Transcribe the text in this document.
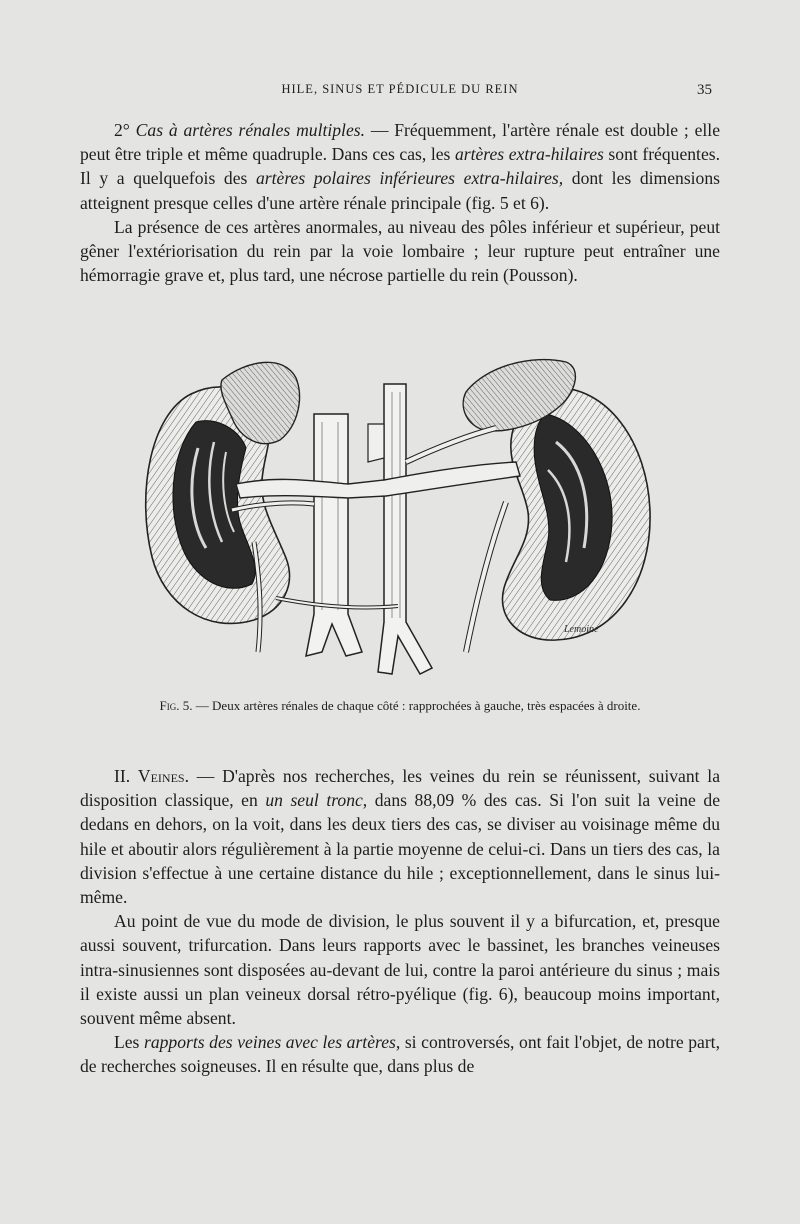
HILE, SINUS ET PÉDICULE DU REIN	35

2° Cas à artères rénales multiples. — Fréquemment, l'artère rénale est double ; elle peut être triple et même quadruple. Dans ces cas, les artères extra-hilaires sont fréquentes. Il y a quelquefois des artères polaires inférieures extra-hilaires, dont les dimensions atteignent presque celles d'une artère rénale principale (fig. 5 et 6).

La présence de ces artères anormales, au niveau des pôles inférieur et supérieur, peut gêner l'extériorisation du rein par la voie lombaire ; leur rupture peut entraîner une hémorragie grave et, plus tard, une nécrose partielle du rein (Pousson).

Lemoine
Fig. 5. — Deux artères rénales de chaque côté : rapprochées à gauche, très espacées à droite.

II. Veines. — D'après nos recherches, les veines du rein se réunissent, suivant la disposition classique, en un seul tronc, dans 88,09 % des cas. Si l'on suit la veine de dedans en dehors, on la voit, dans les deux tiers des cas, se diviser au voisinage même du hile et aboutir alors régulièrement à la partie moyenne de celui-ci. Dans un tiers des cas, la division s'effectue à une certaine distance du hile ; exceptionnellement, dans le sinus lui-même.

Au point de vue du mode de division, le plus souvent il y a bifurcation, et, presque aussi souvent, trifurcation. Dans leurs rapports avec le bassinet, les branches veineuses intra-sinusiennes sont disposées au-devant de lui, contre la paroi antérieure du sinus ; mais il existe aussi un plan veineux dorsal rétro-pyélique (fig. 6), beaucoup moins important, souvent même absent.

Les rapports des veines avec les artères, si controversés, ont fait l'objet, de notre part, de recherches soigneuses. Il en résulte que, dans plus de
